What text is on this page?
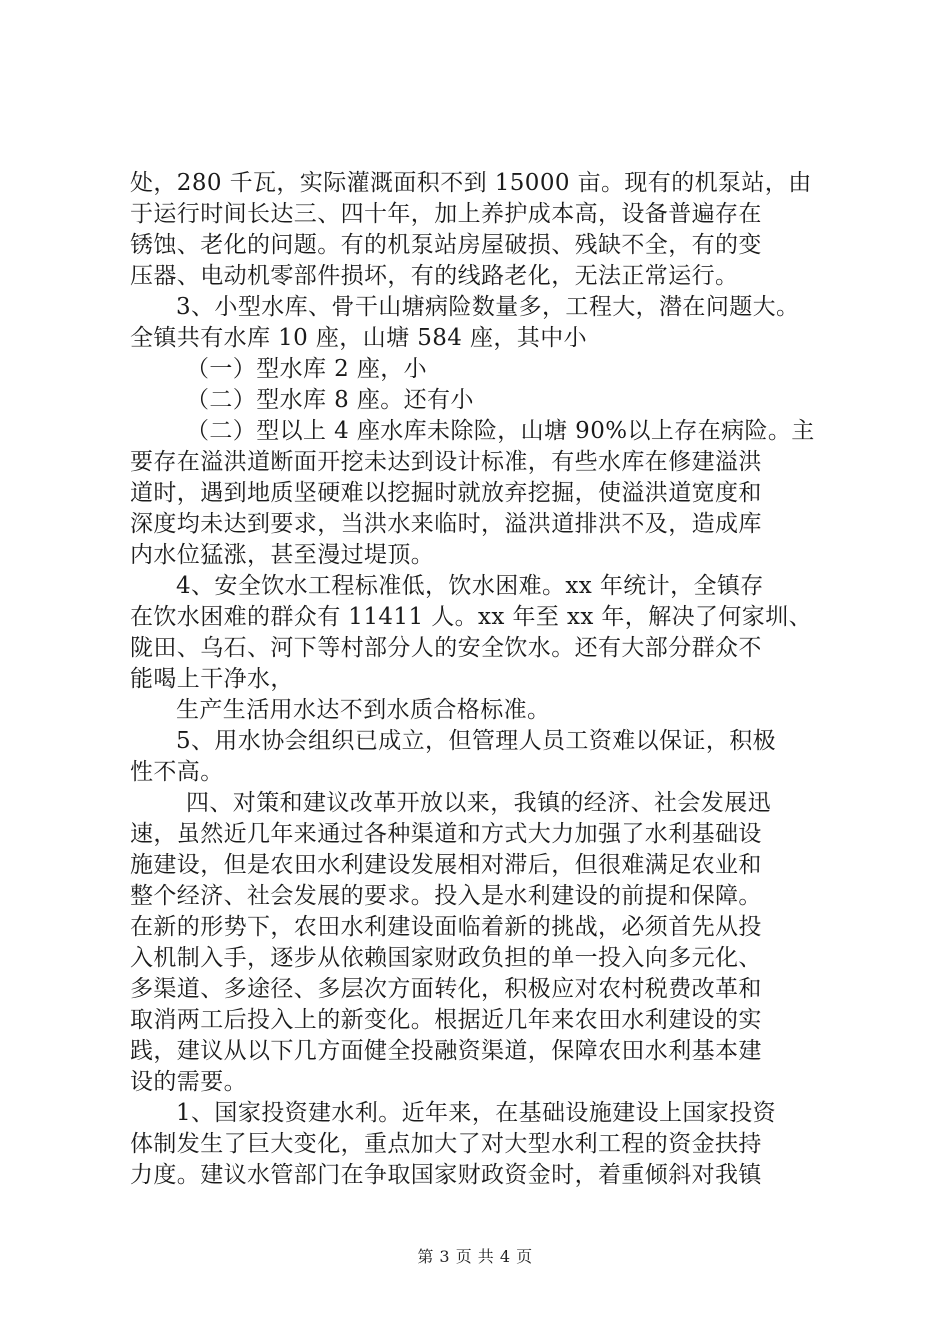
处，280 千瓦，实际灌溉面积不到 15000 亩。现有的机泵站，由
于运行时间长达三、四十年，加上养护成本高，设备普遍存在
锈蚀、老化的问题。有的机泵站房屋破损、残缺不全，有的变
压器、电动机零部件损坏，有的线路老化，无法正常运行。
3、小型水库、骨干山塘病险数量多，工程大，潜在问题大。
全镇共有水库 10 座，山塘 584 座，其中小
（一）型水库 2 座，小
（二）型水库 8 座。还有小
（二）型以上 4 座水库未除险，山塘 90%以上存在病险。主
要存在溢洪道断面开挖未达到设计标准，有些水库在修建溢洪
道时，遇到地质坚硬难以挖掘时就放弃挖掘，使溢洪道宽度和
深度均未达到要求，当洪水来临时，溢洪道排洪不及，造成库
内水位猛涨，甚至漫过堤顶。
4、安全饮水工程标准低，饮水困难。xx 年统计，全镇存
在饮水困难的群众有 11411 人。xx 年至 xx 年，解决了何家圳、
陇田、乌石、河下等村部分人的安全饮水。还有大部分群众不
能喝上干净水，
生产生活用水达不到水质合格标准。
5、用水协会组织已成立，但管理人员工资难以保证，积极
性不高。
四、对策和建议改革开放以来，我镇的经济、社会发展迅
速，虽然近几年来通过各种渠道和方式大力加强了水利基础设
施建设，但是农田水利建设发展相对滞后，但很难满足农业和
整个经济、社会发展的要求。投入是水利建设的前提和保障。
在新的形势下，农田水利建设面临着新的挑战，必须首先从投
入机制入手，逐步从依赖国家财政负担的单一投入向多元化、
多渠道、多途径、多层次方面转化，积极应对农村税费改革和
取消两工后投入上的新变化。根据近几年来农田水利建设的实
践，建议从以下几方面健全投融资渠道，保障农田水利基本建
设的需要。
1、国家投资建水利。近年来，在基础设施建设上国家投资
体制发生了巨大变化，重点加大了对大型水利工程的资金扶持
力度。建议水管部门在争取国家财政资金时，着重倾斜对我镇
第 3 页 共 4 页
